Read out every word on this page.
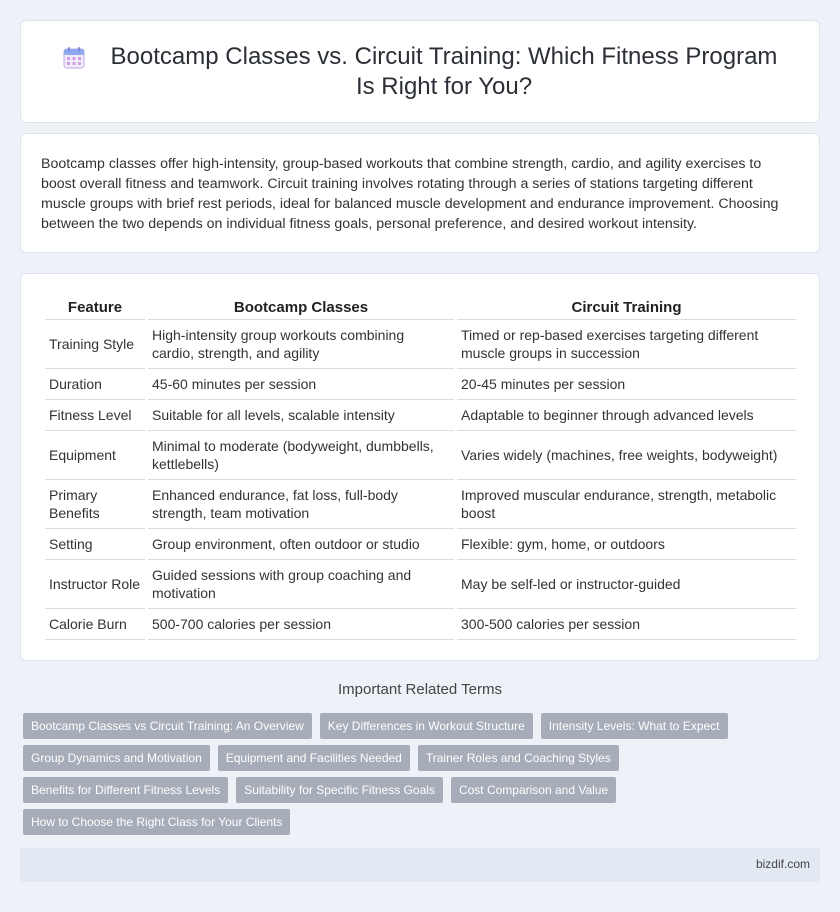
Bootcamp Classes vs. Circuit Training: Which Fitness Program Is Right for You?

Bootcamp classes offer high-intensity, group-based workouts that combine strength, cardio, and agility exercises to boost overall fitness and teamwork. Circuit training involves rotating through a series of stations targeting different muscle groups with brief rest periods, ideal for balanced muscle development and endurance improvement. Choosing between the two depends on individual fitness goals, personal preference, and desired workout intensity.

Feature	Bootcamp Classes	Circuit Training
Training Style	High-intensity group workouts combining cardio, strength, and agility	Timed or rep-based exercises targeting different muscle groups in succession
Duration	45-60 minutes per session	20-45 minutes per session
Fitness Level	Suitable for all levels, scalable intensity	Adaptable to beginner through advanced levels
Equipment	Minimal to moderate (bodyweight, dumbbells, kettlebells)	Varies widely (machines, free weights, bodyweight)
Primary Benefits	Enhanced endurance, fat loss, full-body strength, team motivation	Improved muscular endurance, strength, metabolic boost
Setting	Group environment, often outdoor or studio	Flexible: gym, home, or outdoors
Instructor Role	Guided sessions with group coaching and motivation	May be self-led or instructor-guided
Calorie Burn	500-700 calories per session	300-500 calories per session
Important Related Terms
Bootcamp Classes vs Circuit Training: An Overview	Key Differences in Workout Structure	Intensity Levels: What to Expect
Group Dynamics and Motivation	Equipment and Facilities Needed	Trainer Roles and Coaching Styles
Benefits for Different Fitness Levels	Suitability for Specific Fitness Goals	Cost Comparison and Value
How to Choose the Right Class for Your Clients
bizdif.com
